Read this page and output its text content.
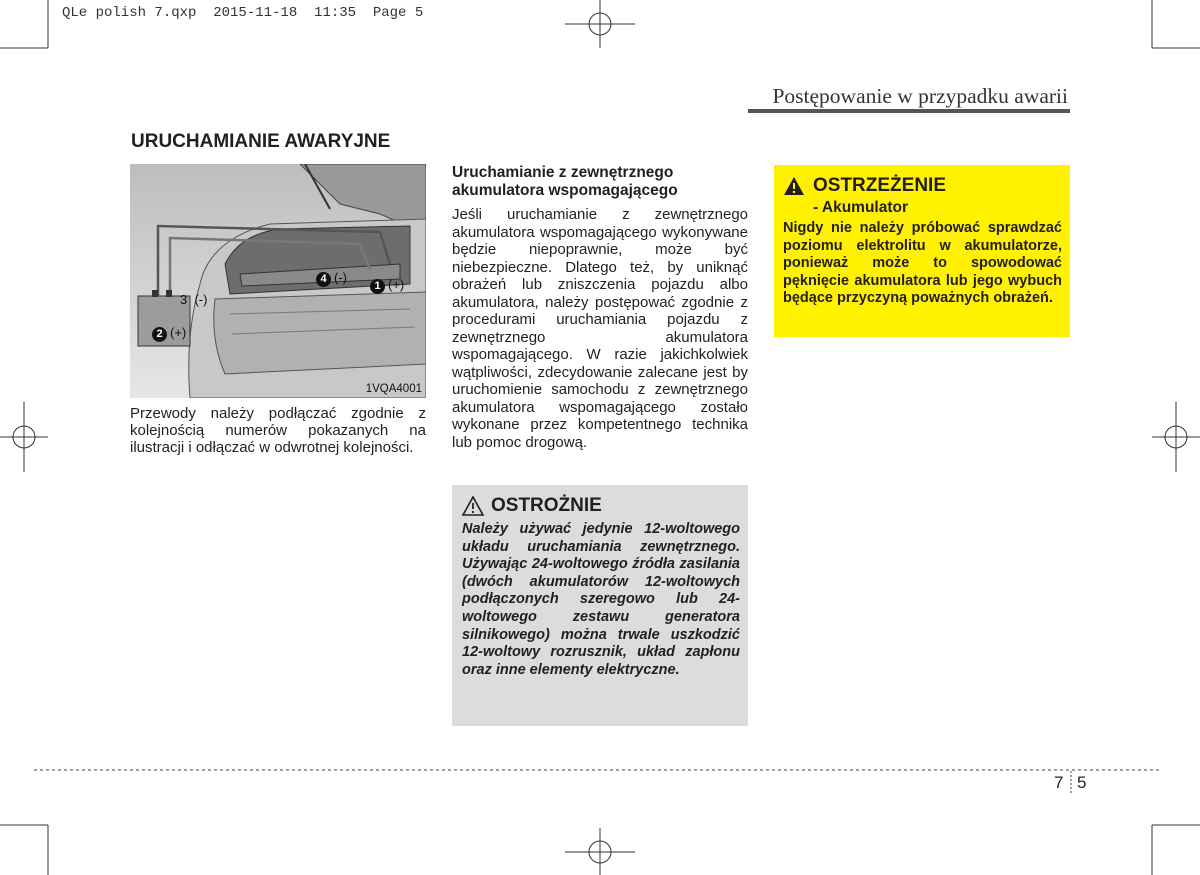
QLe polish 7.qxp  2015-11-18  11:35  Page 5
Postępowanie w przypadku awarii
URUCHAMIANIE AWARYJNE
4 (-)
1 (+)
3  (-)
2 (+)
1VQA4001
Przewody należy podłączać zgodnie z kolejnością numerów pokazanych na ilustracji i odłączać w odwrotnej kolejności.
Uruchamianie z zewnętrznego akumulatora wspomagającego
Jeśli uruchamianie z zewnętrznego akumulatora wspomagającego wykonywane będzie niepoprawnie, może być niebezpieczne. Dlatego też, by uniknąć obrażeń lub zniszczenia pojazdu albo akumulatora, należy postępować zgodnie z procedurami uruchamiania pojazdu z zewnętrznego akumulatora wspomagającego. W razie jakichkolwiek wątpliwości, zdecydowanie zalecane jest by uruchomienie samochodu z zewnętrznego akumulatora wspomagającego zostało wykonane przez kompetentnego technika lub pomoc drogową.
OSTROŻNIE
Należy używać jedynie 12-woltowego układu uruchamiania zewnętrznego. Używając 24-woltowego źródła zasilania (dwóch akumulatorów 12-woltowych podłączonych szeregowo lub 24-woltowego zestawu generatora silnikowego) można trwale uszkodzić 12-woltowy rozrusznik, układ zapłonu oraz inne elementy elektryczne.
OSTRZEŻENIE
- Akumulator
Nigdy nie należy próbować sprawdzać poziomu elektrolitu w akumulatorze, ponieważ może to spowodować pęknięcie akumulatora lub jego wybuch będące przyczyną poważnych obrażeń.
7 5
